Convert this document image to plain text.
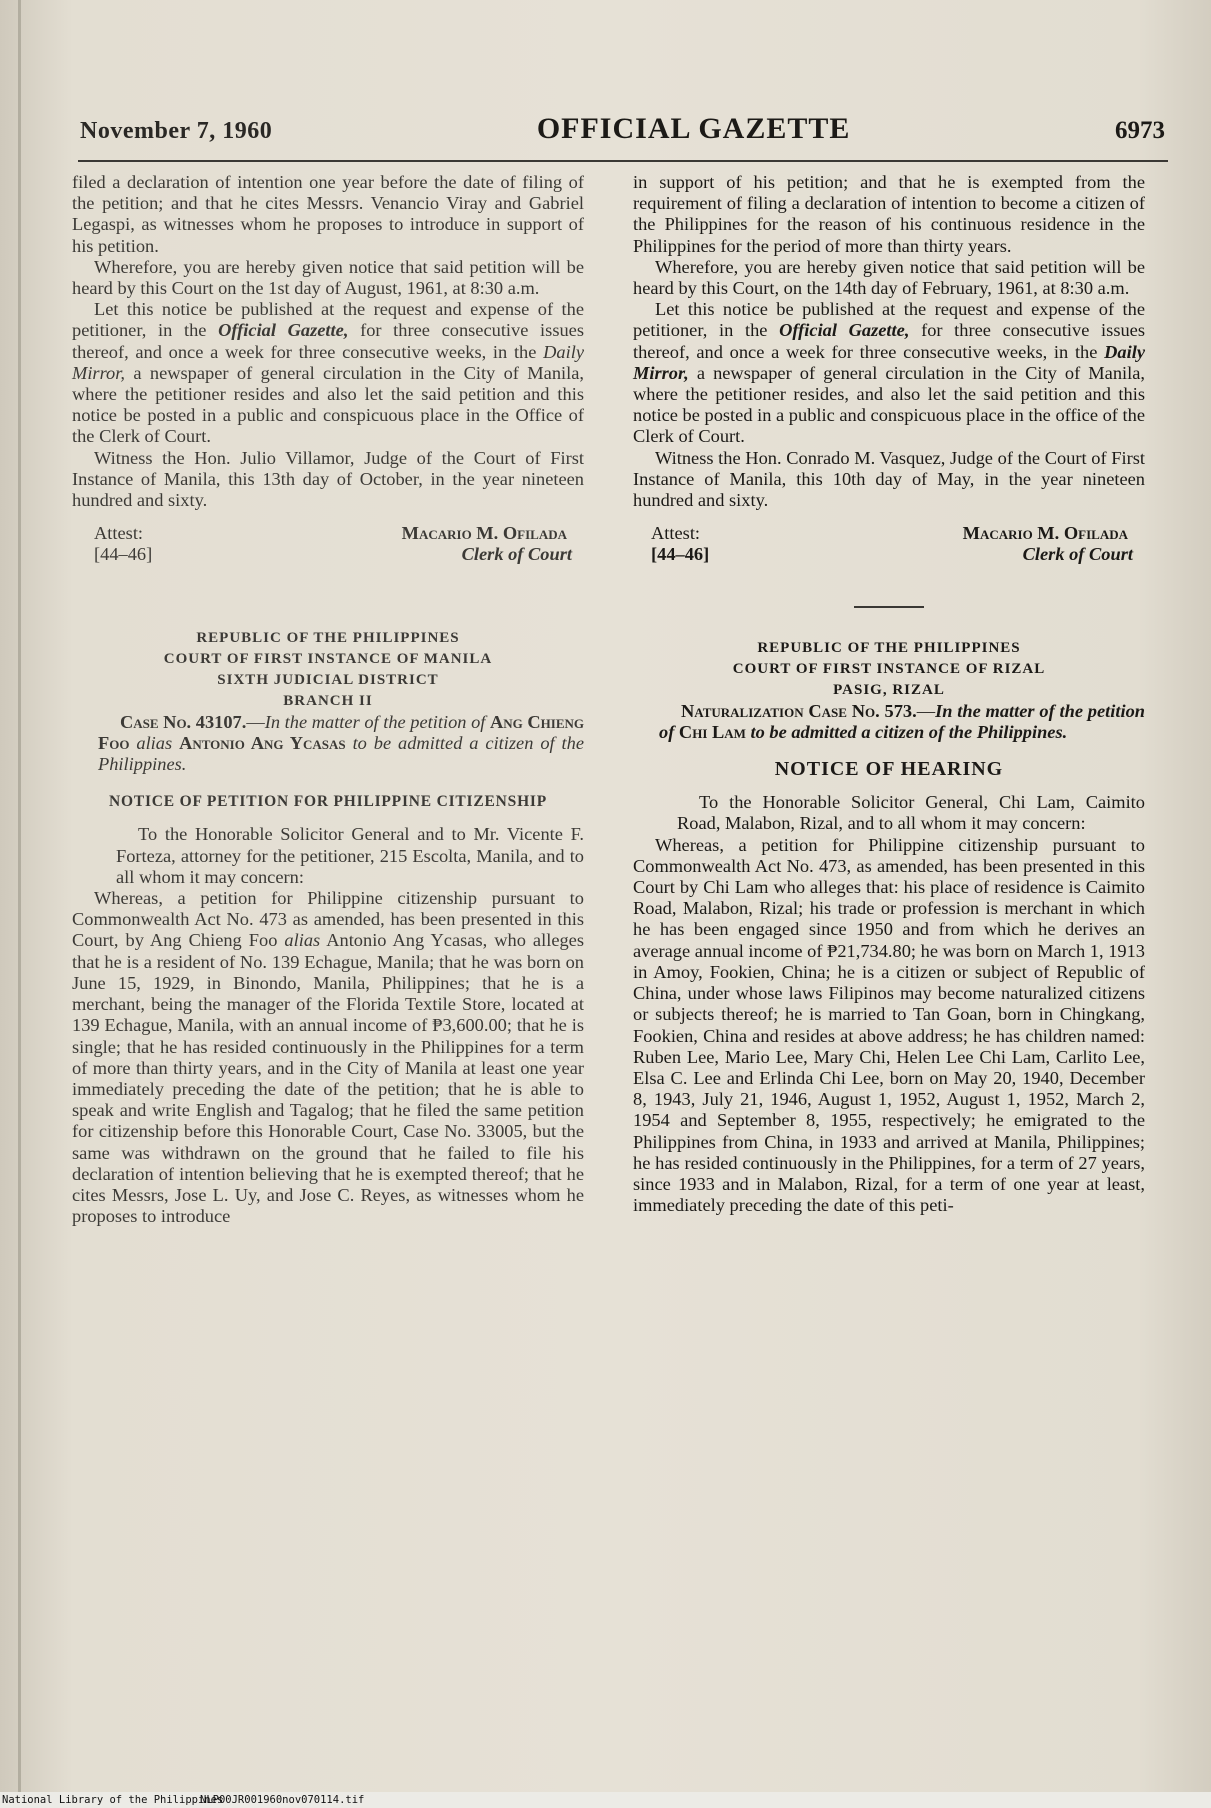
November 7, 1960	OFFICIAL GAZETTE	6973

filed a declaration of intention one year before the date of filing of the petition; and that he cites Messrs. Venancio Viray and Gabriel Legaspi, as witnesses whom he proposes to introduce in support of his petition.

Wherefore, you are hereby given notice that said petition will be heard by this Court on the 1st day of August, 1961, at 8:30 a.m.

Let this notice be published at the request and expense of the petitioner, in the Official Gazette, for three consecutive issues thereof, and once a week for three consecutive weeks, in the Daily Mirror, a newspaper of general circulation in the City of Manila, where the petitioner resides and also let the said petition and this notice be posted in a public and conspicuous place in the Office of the Clerk of Court.

Witness the Hon. Julio Villamor, Judge of the Court of First Instance of Manila, this 13th day of October, in the year nineteen hundred and sixty.

Attest:
[44–46]
Macario M. Ofilada
Clerk of Court
REPUBLIC OF THE PHILIPPINES
COURT OF FIRST INSTANCE OF MANILA
SIXTH JUDICIAL DISTRICT
BRANCH II

Case No. 43107.—In the matter of the petition of Ang Chieng Foo alias Antonio Ang Ycasas to be admitted a citizen of the Philippines.

NOTICE OF PETITION FOR PHILIPPINE CITIZENSHIP

To the Honorable Solicitor General and to Mr. Vicente F. Forteza, attorney for the petitioner, 215 Escolta, Manila, and to all whom it may concern:

Whereas, a petition for Philippine citizenship pursuant to Commonwealth Act No. 473 as amended, has been presented in this Court, by Ang Chieng Foo alias Antonio Ang Ycasas, who alleges that he is a resident of No. 139 Echague, Manila; that he was born on June 15, 1929, in Binondo, Manila, Philippines; that he is a merchant, being the manager of the Florida Textile Store, located at 139 Echague, Manila, with an annual income of ₱3,600.00; that he is single; that he has resided continuously in the Philippines for a term of more than thirty years, and in the City of Manila at least one year immediately preceding the date of the petition; that he is able to speak and write English and Tagalog; that he filed the same petition for citizenship before this Honorable Court, Case No. 33005, but the same was withdrawn on the ground that he failed to file his declaration of intention believing that he is exempted thereof; that he cites Messrs, Jose L. Uy, and Jose C. Reyes, as witnesses whom he proposes to introduce

in support of his petition; and that he is exempted from the requirement of filing a declaration of intention to become a citizen of the Philippines for the reason of his continuous residence in the Philippines for the period of more than thirty years.

Wherefore, you are hereby given notice that said petition will be heard by this Court, on the 14th day of February, 1961, at 8:30 a.m.

Let this notice be published at the request and expense of the petitioner, in the Official Gazette, for three consecutive issues thereof, and once a week for three consecutive weeks, in the Daily Mirror, a newspaper of general circulation in the City of Manila, where the petitioner resides, and also let the said petition and this notice be posted in a public and conspicuous place in the office of the Clerk of Court.

Witness the Hon. Conrado M. Vasquez, Judge of the Court of First Instance of Manila, this 10th day of May, in the year nineteen hundred and sixty.

Attest:
[44–46]
Macario M. Ofilada
Clerk of Court
REPUBLIC OF THE PHILIPPINES
COURT OF FIRST INSTANCE OF RIZAL
PASIG, RIZAL

Naturalization Case No. 573.—In the matter of the petition of Chi Lam to be admitted a citizen of the Philippines.

NOTICE OF HEARING

To the Honorable Solicitor General, Chi Lam, Caimito Road, Malabon, Rizal, and to all whom it may concern:

Whereas, a petition for Philippine citizenship pursuant to Commonwealth Act No. 473, as amended, has been presented in this Court by Chi Lam who alleges that: his place of residence is Caimito Road, Malabon, Rizal; his trade or profession is merchant in which he has been engaged since 1950 and from which he derives an average annual income of ₱21,734.80; he was born on March 1, 1913 in Amoy, Fookien, China; he is a citizen or subject of Republic of China, under whose laws Filipinos may become naturalized citizens or subjects thereof; he is married to Tan Goan, born in Chingkang, Fookien, China and resides at above address; he has children named: Ruben Lee, Mario Lee, Mary Chi, Helen Lee Chi Lam, Carlito Lee, Elsa C. Lee and Erlinda Chi Lee, born on May 20, 1940, December 8, 1943, July 21, 1946, August 1, 1952, August 1, 1952, March 2, 1954 and September 8, 1955, respectively; he emigrated to the Philippines from China, in 1933 and arrived at Manila, Philippines; he has resided continuously in the Philippines, for a term of 27 years, since 1933 and in Malabon, Rizal, for a term of one year at least, immediately preceding the date of this peti-

National Library of the Philippines
NLP00JR001960nov070114.tif
